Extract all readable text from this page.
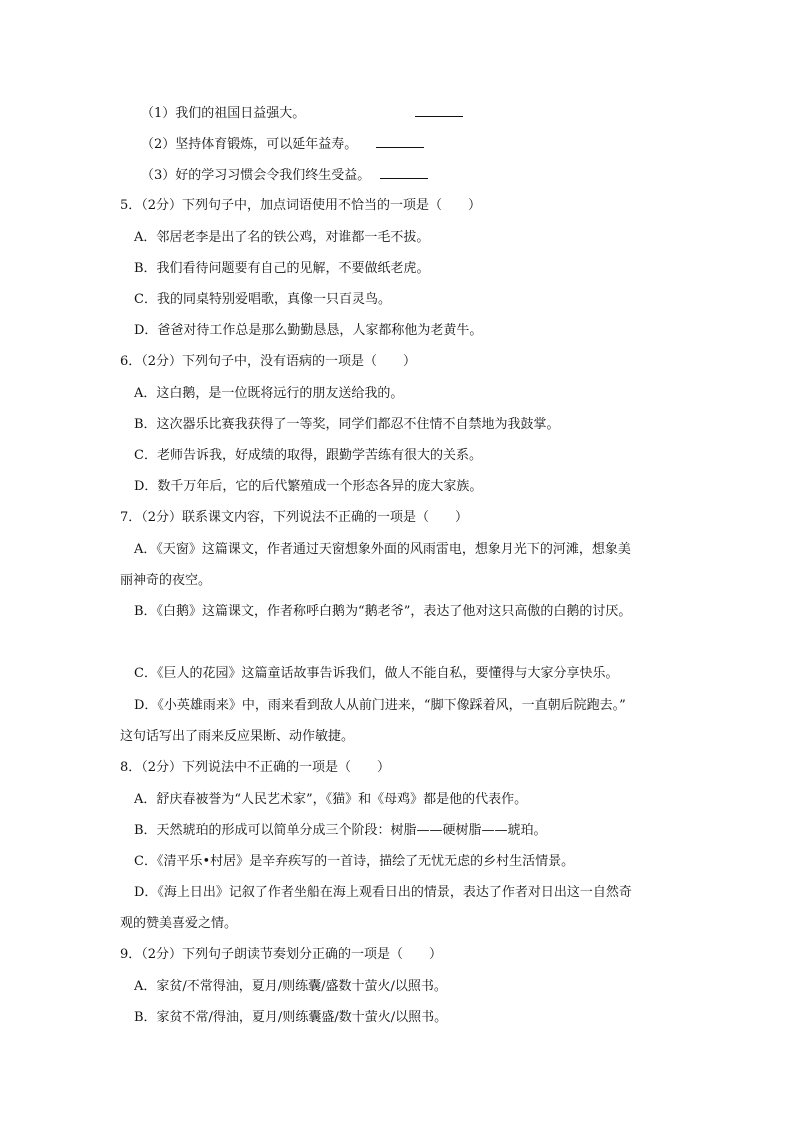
（1）我们的祖国日益强大。
（2）坚持体育锻炼，可以延年益寿。
（3）好的学习习惯会令我们终生受益。
5．（2分）下列句子中，加点词语使用不恰当的一项是（　　）
A．邻居老李是出了名的铁公鸡，对谁都一毛不拔。
B．我们看待问题要有自己的见解，不要做纸老虎。
C．我的同桌特别爱唱歌，真像一只百灵鸟。
D．爸爸对待工作总是那么勤勤恳恳，人家都称他为老黄牛。
6．（2分）下列句子中，没有语病的一项是（　　）
A．这白鹅，是一位既将远行的朋友送给我的。
B．这次器乐比赛我获得了一等奖，同学们都忍不住情不自禁地为我鼓掌。
C．老师告诉我，好成绩的取得，跟勤学苦练有很大的关系。
D．数千万年后，它的后代繁殖成一个形态各异的庞大家族。
7．（2分）联系课文内容，下列说法不正确的一项是（　　）
A．《天窗》这篇课文，作者通过天窗想象外面的风雨雷电，想象月光下的河滩，想象美
丽神奇的夜空。
B．《白鹅》这篇课文，作者称呼白鹅为“鹅老爷”，表达了他对这只高傲的白鹅的讨厌。
C．《巨人的花园》这篇童话故事告诉我们，做人不能自私，要懂得与大家分享快乐。
D．《小英雄雨来》中，雨来看到敌人从前门进来，“脚下像踩着风，一直朝后院跑去。”
这句话写出了雨来反应果断、动作敏捷。
8．（2分）下列说法中不正确的一项是（　　）
A．舒庆春被誉为“人民艺术家”，《猫》和《母鸡》都是他的代表作。
B．天然琥珀的形成可以简单分成三个阶段：树脂——硬树脂——琥珀。
C．《清平乐•村居》是辛弃疾写的一首诗，描绘了无忧无虑的乡村生活情景。
D．《海上日出》记叙了作者坐船在海上观看日出的情景，表达了作者对日出这一自然奇
观的赞美喜爱之情。
9．（2分）下列句子朗读节奏划分正确的一项是（　　）
A．家贫/不常得油，夏月/则练囊/盛数十萤火/以照书。
B．家贫不常/得油，夏月/则练囊盛/数十萤火/以照书。
